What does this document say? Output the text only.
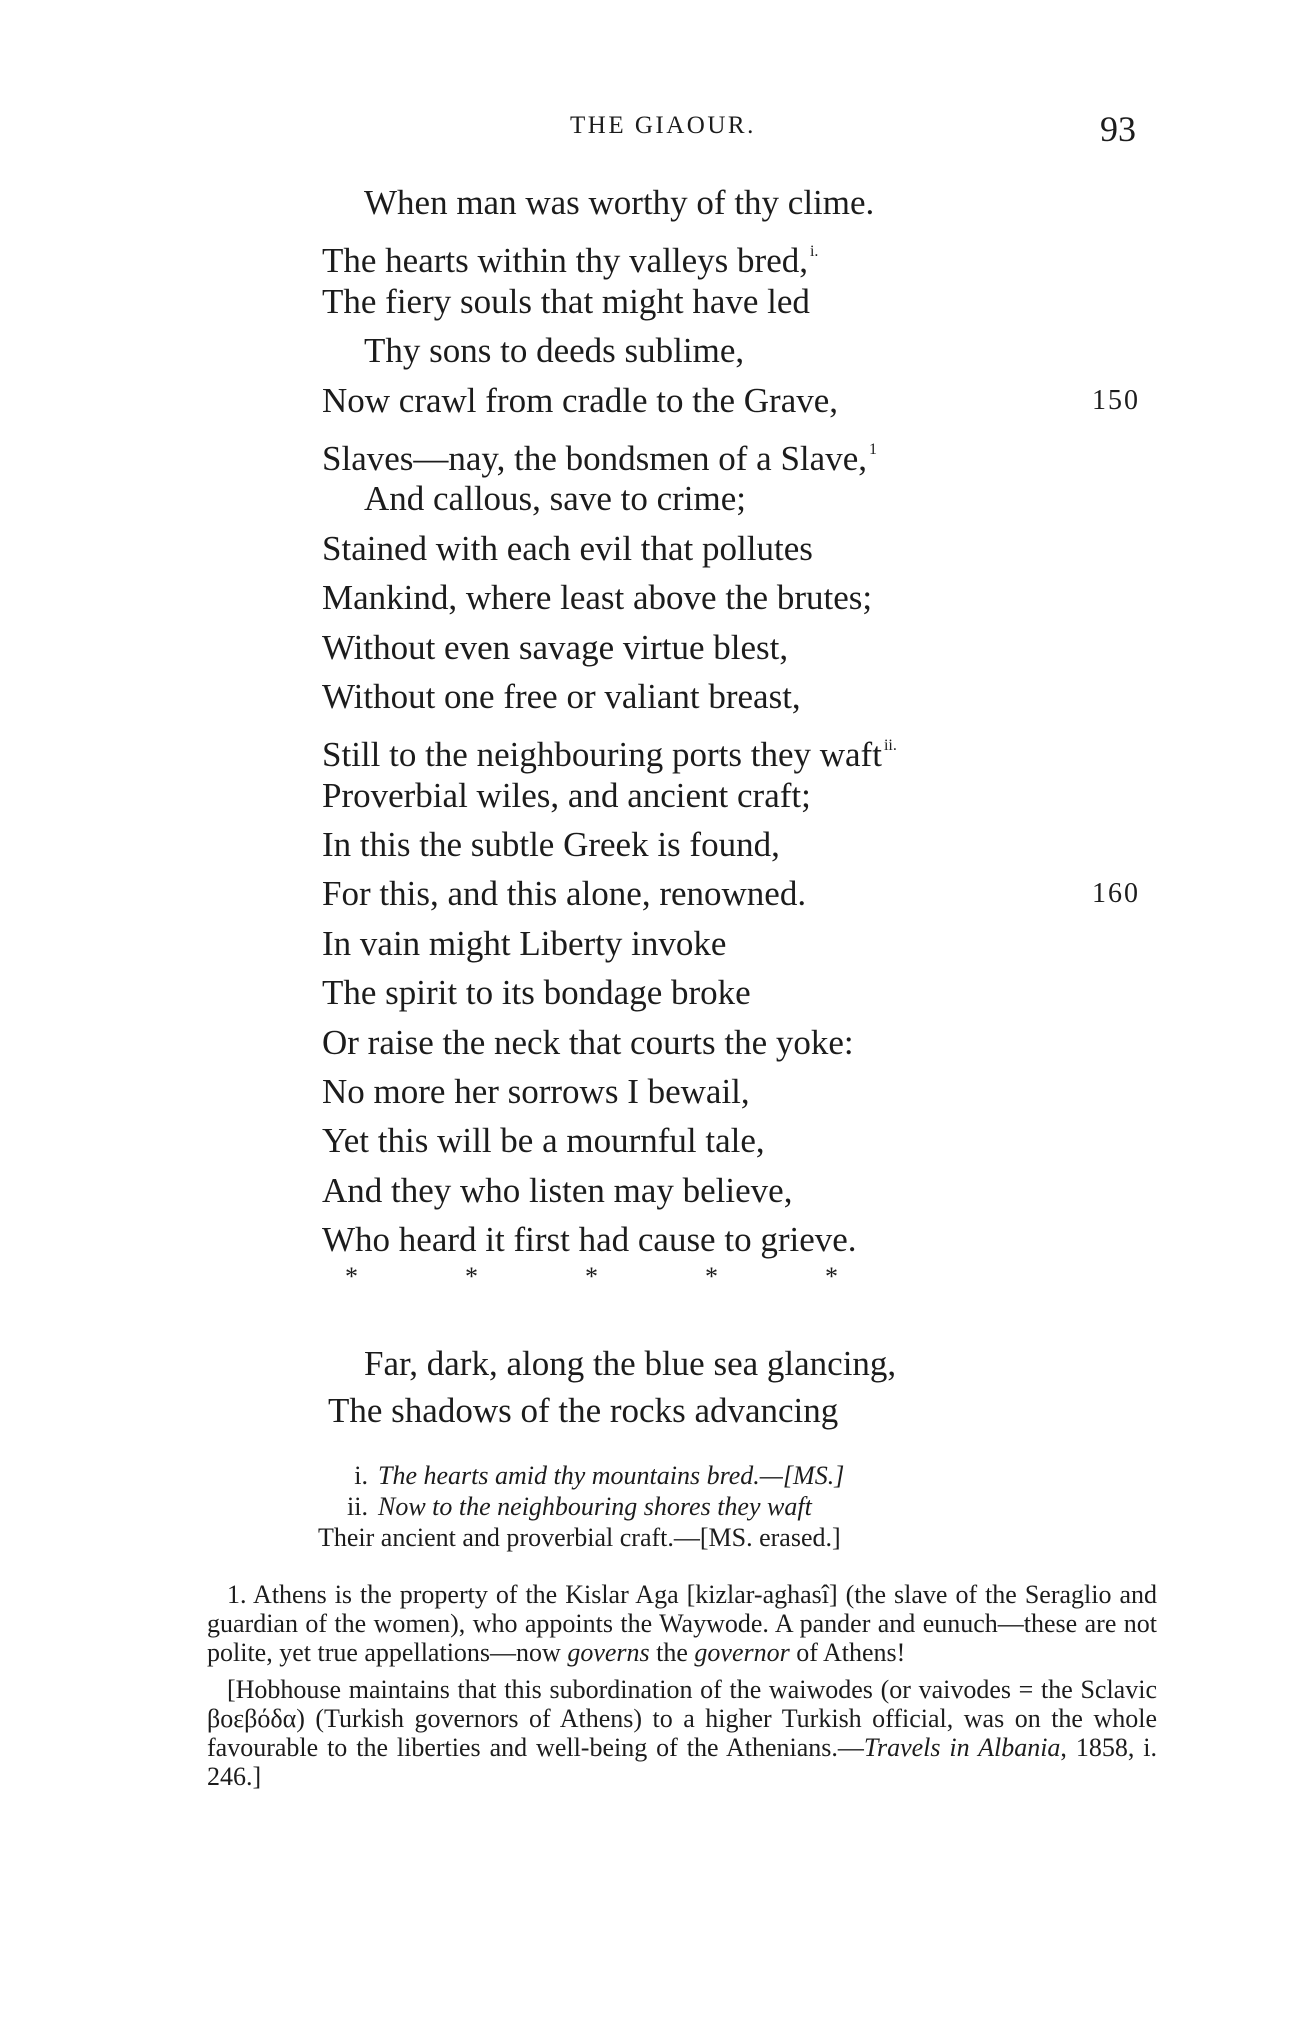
THE GIAOUR.	93
When man was worthy of thy clime.
The hearts within thy valleys bred, $^{i.}$
The fiery souls that might have led
Thy sons to deeds sublime,
Now crawl from cradle to the Grave,	150
Slaves—nay, the bondsmen of a Slave, $^1$
And callous, save to crime;
Stained with each evil that pollutes
Mankind, where least above the brutes;
Without even savage virtue blest,
Without one free or valiant breast,
Still to the neighbouring ports they waft $^{ii.}$
Proverbial wiles, and ancient craft;
In this the subtle Greek is found,
For this, and this alone, renowned.	160
In vain might Liberty invoke
The spirit to its bondage broke
Or raise the neck that courts the yoke:
No more her sorrows I bewail,
Yet this will be a mournful tale,
And they who listen may believe,
Who heard it first had cause to grieve.
*	*	*	*	*
Far, dark, along the blue sea glancing,
The shadows of the rocks advancing
i. The hearts amid thy mountains bred.—[MS.]
ii. Now to the neighbouring shores they waft
Their ancient and proverbial craft.—[MS. erased.]

1. Athens is the property of the Kislar Aga [kizlar-aghasî] (the slave of the Seraglio and guardian of the women), who appoints the Waywode. A pander and eunuch—these are not polite, yet true appellations—now governs the governor of Athens!

[Hobhouse maintains that this subordination of the waiwodes (or vaivodes = the Sclavic βοεβόδα) (Turkish governors of Athens) to a higher Turkish official, was on the whole favourable to the liberties and well-being of the Athenians.—Travels in Albania, 1858, i. 246.]
